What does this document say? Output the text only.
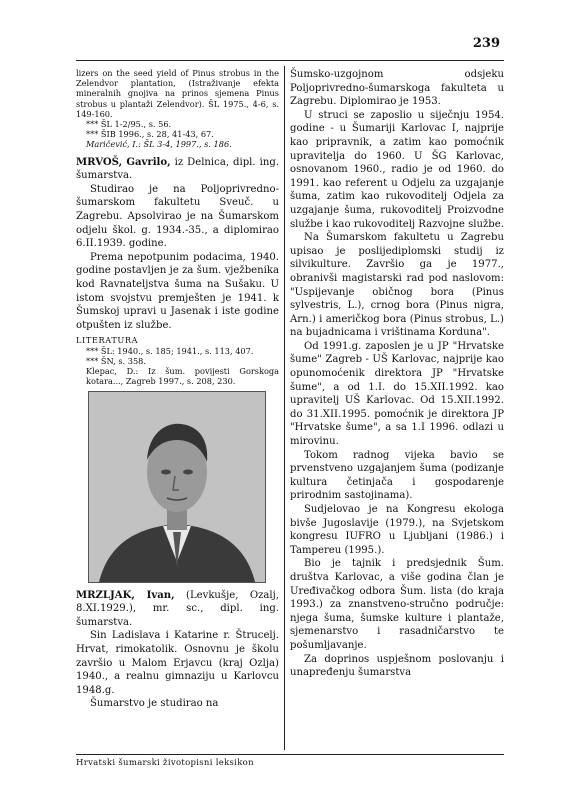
239

lizers on the seed yield of Pinus strobus in the Zelendvor plantation, (Istraživanje efekta mineralnih gnojiva na prinos sjemena Pinus strobus u plantaži Zelendvor). ŠL 1975., 4-6, s. 149-160.

*** ŠL 1-2/95., s. 56.

*** ŠIB 1996., s. 28, 41-43, 67.

Maričević, I.: ŠL 3-4, 1997., s. 186.

MRVOŠ, Gavrilo, iz Delnica, dipl. ing. šumarstva.

Studirao je na Poljoprivredno-šumarskom fakultetu Sveuč. u Zagrebu. Apsolvirao je na Šumarskom odjelu škol. g. 1934.-35., a diplomirao 6.II.1939. godine.

Prema nepotpunim podacima, 1940. godine postavljen je za šum. vježbenika kod Ravnateljstva šuma na Sušaku. U istom svojstvu premješten je 1941. k Šumskoj upravi u Jasenak i iste godine otpušten iz službe.

LITERATURA

*** ŠL: 1940., s. 185; 1941., s. 113, 407.

*** ŠN, s. 358.

Klepac, D.: Iz šum. povijesti Gorskoga kotara..., Zagreb 1997., s. 208, 230.

MRZLJAK, Ivan, (Levkušje, Ozalj, 8.XI.1929.), mr. sc., dipl. ing. šumarstva.

Sin Ladislava i Katarine r. Štrucelj. Hrvat, rimokatolik. Osnovnu je školu završio u Malom Erjavcu (kraj Ozlja) 1940., a realnu gimnaziju u Karlovcu 1948.g.

Šumarstvo je studirao na

Šumsko-uzgojnom odsjeku Poljoprivredno-šumarskoga fakulteta u Zagrebu. Diplomirao je 1953.

U struci se zaposlio u siječnju 1954. godine - u Šumariji Karlovac I, najprije kao pripravnik, a zatim kao pomoćnik upravitelja do 1960. U ŠG Karlovac, osnovanom 1960., radio je od 1960. do 1991. kao referent u Odjelu za uzgajanje šuma, zatim kao rukovoditelj Odjela za uzgajanje šuma, rukovoditelj Proizvodne službe i kao rukovoditelj Razvojne službe.

Na Šumarskom fakultetu u Zagrebu upisao je poslijediplomski studij iz silvikulture. Završio ga je 1977., obranivši magistarski rad pod naslovom: "Uspijevanje običnog bora (Pinus sylvestris, L.), crnog bora (Pinus nigra, Arn.) i američkog bora (Pinus strobus, L.) na bujadnicama i vrištinama Korduna".

Od 1991.g. zaposlen je u JP "Hrvatske šume" Zagreb - UŠ Karlovac, najprije kao opunomoćenik direktora JP "Hrvatske šume", a od 1.I. do 15.XII.1992. kao upravitelj UŠ Karlovac. Od 15.XII.1992. do 31.XII.1995. pomoćnik je direktora JP "Hrvatske šume", a sa 1.I 1996. odlazi u mirovinu.

Tokom radnog vijeka bavio se prvenstveno uzgajanjem šuma (podizanje kultura četinjača i gospodarenje prirodnim sastojinama).

Sudjelovao je na Kongresu ekologa bivše Jugoslavije (1979.), na Svjetskom kongresu IUFRO u Ljubljani (1986.) i Tampereu (1995.).

Bio je tajnik i predsjednik Šum. društva Karlovac, a više godina član je Uređivačkog odbora Šum. lista (do kraja 1993.) za znanstveno-stručno područje: njega šuma, šumske kulture i plantaže, sjemenarstvo i rasadničarstvo te pošumljavanje.

Za doprinos uspješnom poslovanju i unapređenju šumarstva

Hrvatski šumarski životopisni leksikon
